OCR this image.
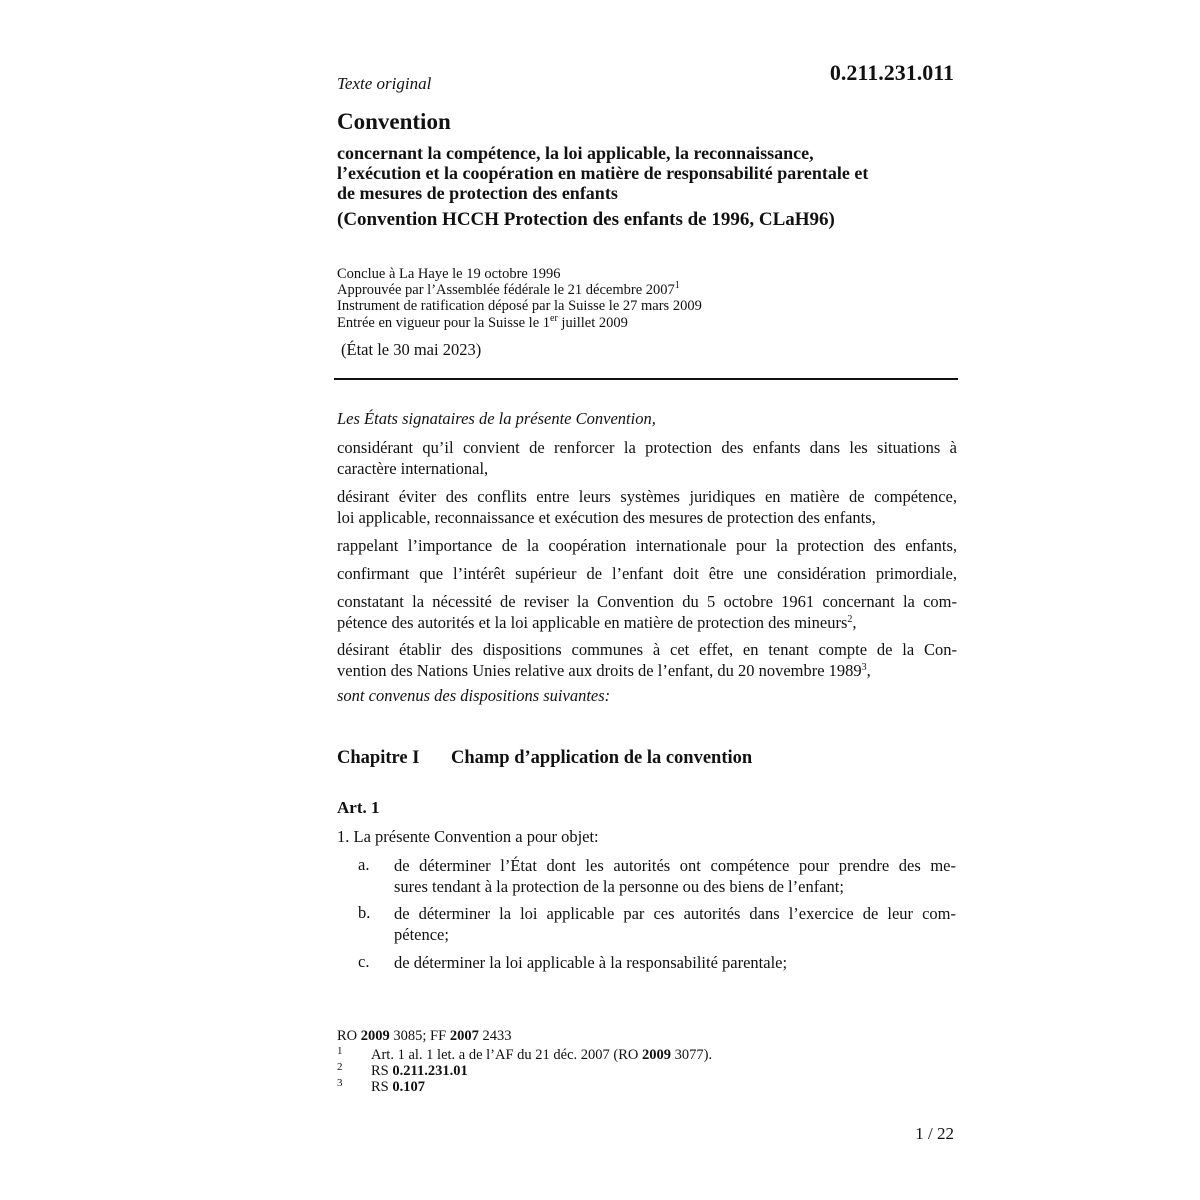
0.211.231.011
Texte original
Convention
concernant la compétence, la loi applicable, la reconnaissance,
l’exécution et la coopération en matière de responsabilité parentale et
de mesures de protection des enfants
(Convention HCCH Protection des enfants de 1996, CLaH96)
Conclue à La Haye le 19 octobre 1996
Approuvée par l’Assemblée fédérale le 21 décembre 2007$^1$
Instrument de ratification déposé par la Suisse le 27 mars 2009
Entrée en vigueur pour la Suisse le 1er juillet 2009
(État le 30 mai 2023)
Les États signataires de la présente Convention,
considérant qu’il convient de renforcer la protection des enfants dans les situations à
caractère international,
désirant éviter des conflits entre leurs systèmes juridiques en matière de compétence,
loi applicable, reconnaissance et exécution des mesures de protection des enfants,
rappelant l’importance de la coopération internationale pour la protection des enfants,
confirmant que l’intérêt supérieur de l’enfant doit être une considération primordiale,
constatant la nécessité de reviser la Convention du 5 octobre 1961 concernant la com-
pétence des autorités et la loi applicable en matière de protection des mineurs$^2$,
désirant établir des dispositions communes à cet effet, en tenant compte de la Con-
vention des Nations Unies relative aux droits de l’enfant, du 20 novembre 1989$^3$,
sont convenus des dispositions suivantes:
Chapitre I Champ d’application de la convention
Art. 1
1. La présente Convention a pour objet:
a. de déterminer l’État dont les autorités ont compétence pour prendre des me-
sures tendant à la protection de la personne ou des biens de l’enfant;
b. de déterminer la loi applicable par ces autorités dans l’exercice de leur com-
pétence;
c. de déterminer la loi applicable à la responsabilité parentale;
RO 2009 3085; FF 2007 2433
1 Art. 1 al. 1 let. a de l’AF du 21 déc. 2007 (RO 2009 3077).
2 RS 0.211.231.01
3 RS 0.107
1 / 22
